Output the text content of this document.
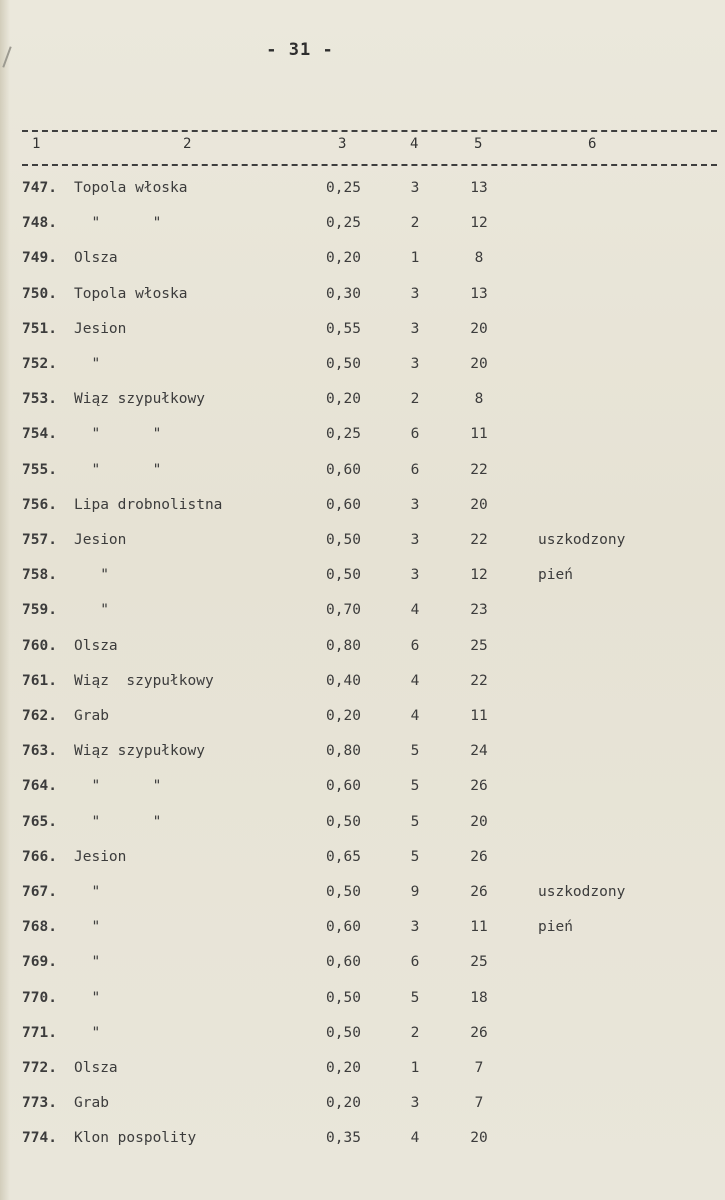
- 31 -
1	2	3	4	5	6
747. Topola włoska	0,25	3	13
748. "      "	0,25	2	12
749. Olsza	0,20	1	8
750. Topola włoska	0,30	3	13
751. Jesion	0,55	3	20
752. "	0,50	3	20
753. Wiąz szypułkowy	0,20	2	8
754. "      "	0,25	6	11
755. "      "	0,60	6	22
756. Lipa drobnolistna	0,60	3	20
757. Jesion	0,50	3	22	uszkodzony
758. "	0,50	3	12	pień
759. "	0,70	4	23
760. Olsza	0,80	6	25
761. Wiąz  szypułkowy	0,40	4	22
762. Grab	0,20	4	11
763. Wiąz szypułkowy	0,80	5	24
764. "      "	0,60	5	26
765. "      "	0,50	5	20
766. Jesion	0,65	5	26
767. "	0,50	9	26	uszkodzony
768. "	0,60	3	11	pień
769. "	0,60	6	25
770. "	0,50	5	18
771. "	0,50	2	26
772. Olsza	0,20	1	7
773. Grab	0,20	3	7
774. Klon pospolity	0,35	4	20
